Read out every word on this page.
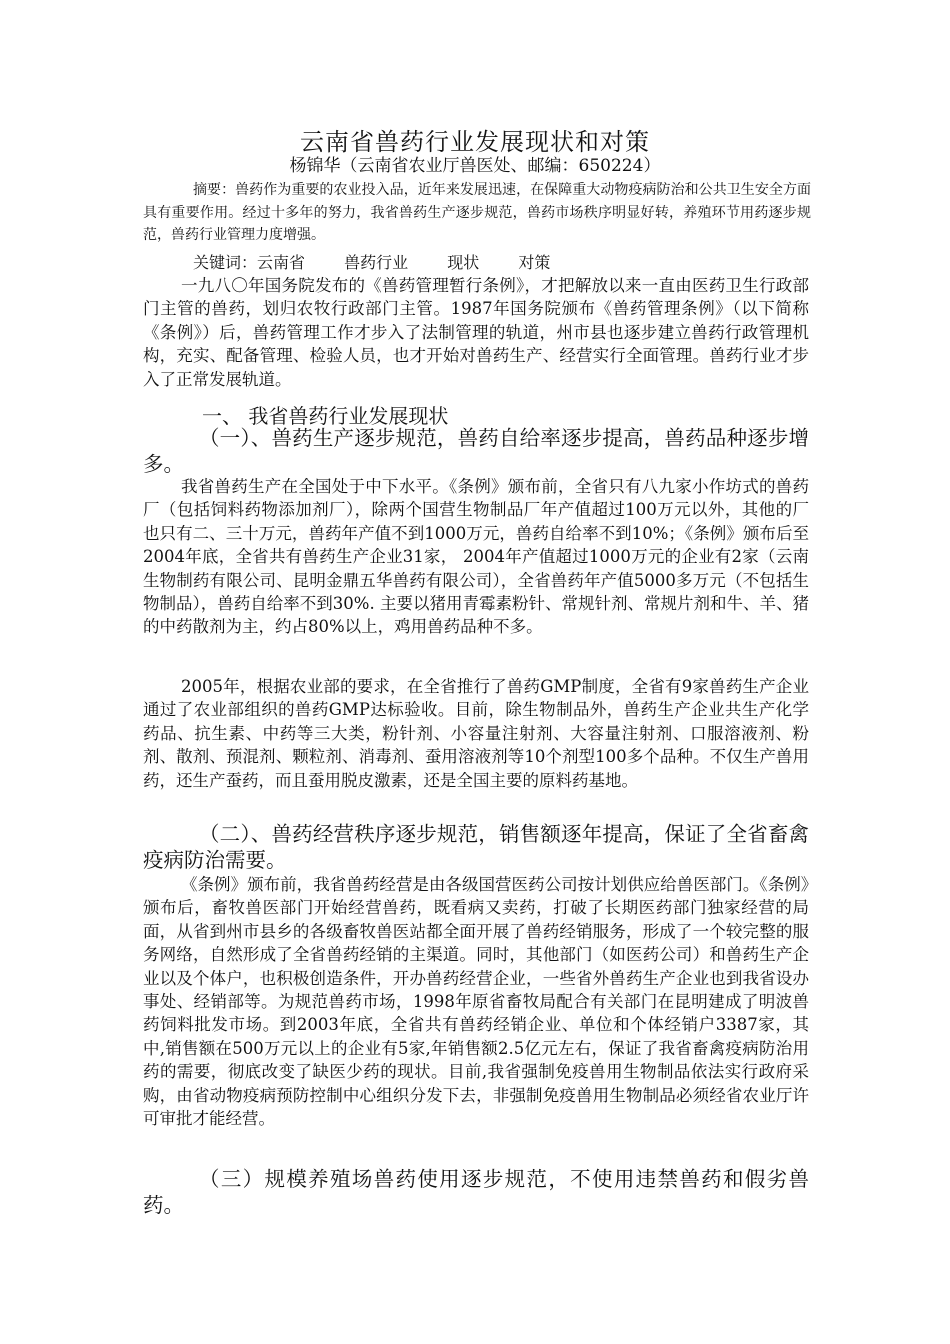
云南省兽药行业发展现状和对策
杨锦华（云南省农业厅兽医处、邮编：650224）
摘要：兽药作为重要的农业投入品，近年来发展迅速，在保障重大动物疫病防治和公共卫生安全方面具有重要作用。经过十多年的努力，我省兽药生产逐步规范，兽药市场秩序明显好转，养殖环节用药逐步规范，兽药行业管理力度增强。
关键词：云南省 兽药行业 现状 对策
一九八〇年国务院发布的《兽药管理暂行条例》，才把解放以来一直由医药卫生行政部门主管的兽药，划归农牧行政部门主管。1987年国务院颁布《兽药管理条例》（以下简称《条例》）后，兽药管理工作才步入了法制管理的轨道，州市县也逐步建立兽药行政管理机构，充实、配备管理、检验人员，也才开始对兽药生产、经营实行全面管理。兽药行业才步入了正常发展轨道。
一、 我省兽药行业发展现状
（一）、兽药生产逐步规范，兽药自给率逐步提高，兽药品种逐步增多。
我省兽药生产在全国处于中下水平。《条例》颁布前，全省只有八九家小作坊式的兽药厂（包括饲料药物添加剂厂），除两个国营生物制品厂年产值超过100万元以外，其他的厂也只有二、三十万元，兽药年产值不到1000万元，兽药自给率不到10%；《条例》颁布后至2004年底，全省共有兽药生产企业31家， 2004年产值超过1000万元的企业有2家（云南生物制药有限公司、昆明金鼎五华兽药有限公司），全省兽药年产值5000多万元（不包括生物制品），兽药自给率不到30%. 主要以猪用青霉素粉针、常规针剂、常规片剂和牛、羊、猪的中药散剂为主，约占80%以上，鸡用兽药品种不多。
2005年，根据农业部的要求，在全省推行了兽药GMP制度，全省有9家兽药生产企业通过了农业部组织的兽药GMP达标验收。目前，除生物制品外，兽药生产企业共生产化学药品、抗生素、中药等三大类，粉针剂、小容量注射剂、大容量注射剂、口服溶液剂、粉剂、散剂、预混剂、颗粒剂、消毒剂、蚕用溶液剂等10个剂型100多个品种。不仅生产兽用药，还生产蚕药，而且蚕用脱皮激素，还是全国主要的原料药基地。
（二）、兽药经营秩序逐步规范，销售额逐年提高，保证了全省畜禽疫病防治需要。
《条例》颁布前，我省兽药经营是由各级国营医药公司按计划供应给兽医部门。《条例》颁布后，畜牧兽医部门开始经营兽药，既看病又卖药，打破了长期医药部门独家经营的局面，从省到州市县乡的各级畜牧兽医站都全面开展了兽药经销服务，形成了一个较完整的服务网络，自然形成了全省兽药经销的主渠道。同时，其他部门（如医药公司）和兽药生产企业以及个体户，也积极创造条件，开办兽药经营企业，一些省外兽药生产企业也到我省设办事处、经销部等。为规范兽药市场，1998年原省畜牧局配合有关部门在昆明建成了明波兽药饲料批发市场。到2003年底，全省共有兽药经销企业、单位和个体经销户3387家，其中,销售额在500万元以上的企业有5家,年销售额2.5亿元左右，保证了我省畜禽疫病防治用药的需要，彻底改变了缺医少药的现状。目前,我省强制免疫兽用生物制品依法实行政府采购，由省动物疫病预防控制中心组织分发下去，非强制免疫兽用生物制品必须经省农业厅许可审批才能经营。
（三）规模养殖场兽药使用逐步规范，不使用违禁兽药和假劣兽药。
